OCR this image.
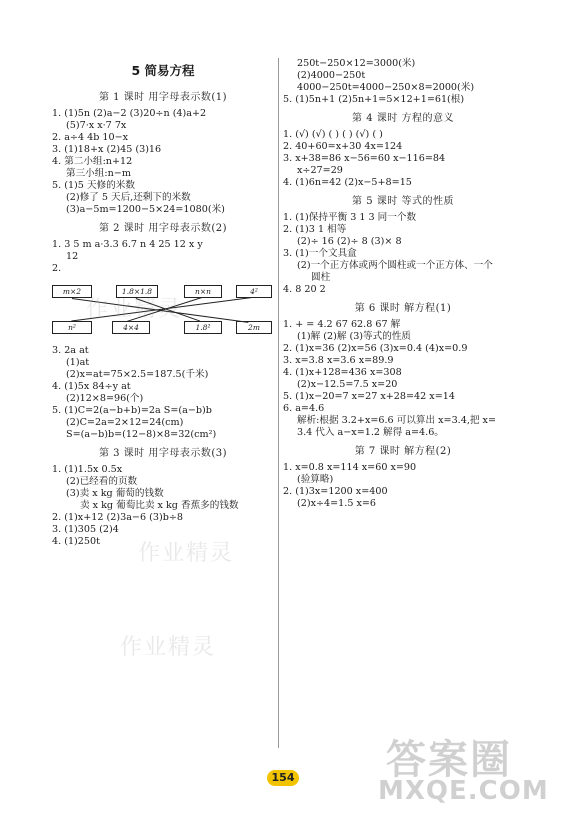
5 简易方程
第 1 课时 用字母表示数(1)
1. (1)5n (2)a−2 (3)20÷n (4)a+2
(5)7·x x·7 7x
2. a÷4 4b 10−x
3. (1)18+x (2)45 (3)16
4. 第二小组:n+12
第三小组:n−m
5. (1)5 天修的米数
(2)修了 5 天后,还剩下的米数
(3)a−5m=1200−5×24=1080(米)
第 2 课时 用字母表示数(2)
1. 3 5 m a·3.3 6.7 n 4 25 12 x y
12
2.
m×2	1.8×1.8	n×n	4²
n²	4×4	1.8²	2m
3. 2a at
(1)at
(2)x=at=75×2.5=187.5(千米)
4. (1)5x 84÷y at
(2)12×8=96(个)
5. (1)C=2(a−b+b)=2a S=(a−b)b
(2)C=2a=2×12=24(cm)
S=(a−b)b=(12−8)×8=32(cm²)
第 3 课时 用字母表示数(3)
1. (1)1.5x 0.5x
(2)已经看的页数
(3)卖 x kg 葡萄的钱数
卖 x kg 葡萄比卖 x kg 香蕉多的钱数
2. (1)x+12 (2)3a−6 (3)b÷8
3. (1)305 (2)4
4. (1)250t
250t−250×12=3000(米)
(2)4000−250t
4000−250t=4000−250×8=2000(米)
5. (1)5n+1 (2)5n+1=5×12+1=61(根)
第 4 课时 方程的意义
1. (√) (√) ( ) ( ) (√) ( )
2. 40+60=x+30 4x=124
3. x+38=86 x−56=60 x−116=84
x÷27=29
4. (1)6n=42 (2)x−5+8=15
第 5 课时 等式的性质
1. (1)保持平衡 3 1 3 同一个数
2. (1)3 1 相等
(2)÷ 16 (2)÷ 8 (3)× 8
3. (1)一个文具盒
(2)一个正方体或两个圆柱或一个正方体、一个
圆柱
4. 8 20 2
第 6 课时 解方程(1)
1. + = 4.2 67 62.8 67 解
(1)解 (2)解 (3)等式的性质
2. (1)x=36 (2)x=56 (3)x=0.4 (4)x=0.9
3. x=3.8 x=3.6 x=89.9
4. (1)x+128=436 x=308
(2)x−12.5=7.5 x=20
5. (1)x−20=7 x=27 x+28=42 x=14
6. a=4.6
解析:根据 3.2+x=6.6 可以算出 x=3.4,把 x=
3.4 代入 a−x=1.2 解得 a=4.6。
第 7 课时 解方程(2)
1. x=0.8 x=114 x=60 x=90
(验算略)
2. (1)3x=1200 x=400
(2)x÷4=1.5 x=6
作业精灵
作业精灵
作业精灵
154 答案圈
MXQE.COM
